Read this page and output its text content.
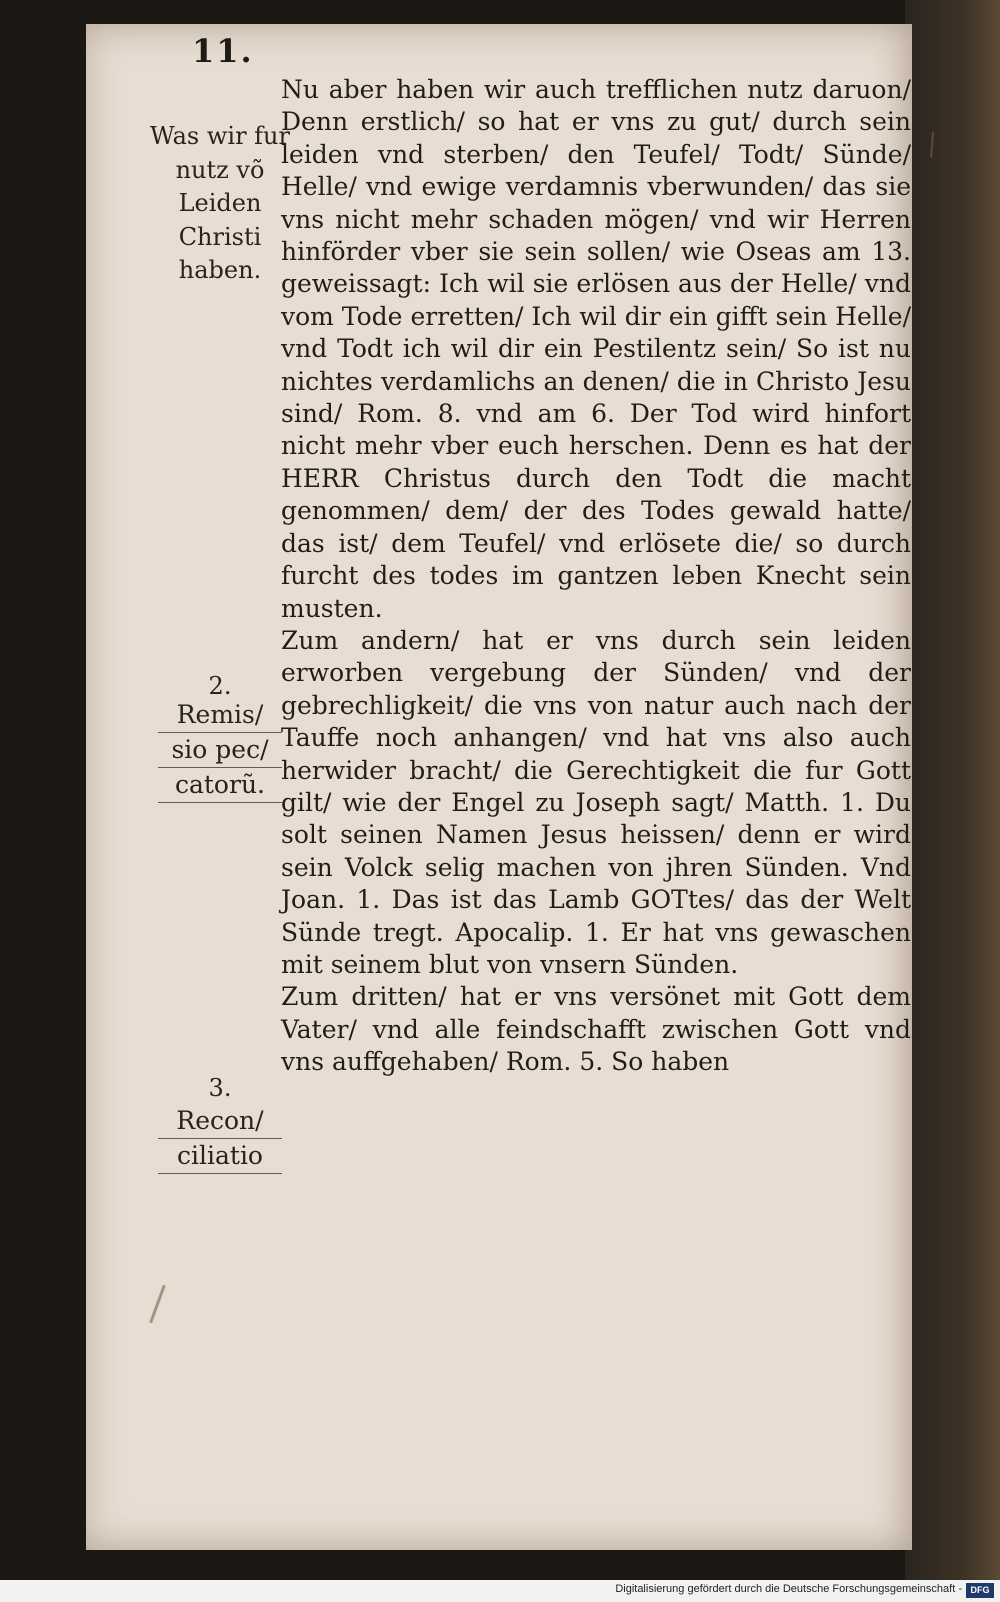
11.
Was wir fur nutz võ Leiden Christi haben.
2.
Remis/
sio pec/
catorũ.
3.
Recon/
ciliatio

Nu aber haben wir auch trefflichen nutz daruon/ Denn erstlich/ so hat er vns zu gut/ durch sein leiden vnd sterben/ den Teufel/ Todt/ Sünde/ Helle/ vnd ewige verdamnis vberwunden/ das sie vns nicht mehr schaden mögen/ vnd wir Herren hinförder vber sie sein sollen/ wie Oseas am 13. geweissagt: Ich wil sie erlösen aus der Helle/ vnd vom Tode erretten/ Ich wil dir ein gifft sein Helle/ vnd Todt ich wil dir ein Pestilentz sein/ So ist nu nichtes verdamlichs an denen/ die in Christo Jesu sind/ Rom. 8. vnd am 6. Der Tod wird hinfort nicht mehr vber euch herschen. Denn es hat der HERR Christus durch den Todt die macht genommen/ dem/ der des Todes gewald hatte/ das ist/ dem Teufel/ vnd erlösete die/ so durch furcht des todes im gantzen leben Knecht sein musten.

Zum andern/ hat er vns durch sein leiden erworben vergebung der Sünden/ vnd der gebrechligkeit/ die vns von natur auch nach der Tauffe noch anhangen/ vnd hat vns also auch herwider bracht/ die Gerechtigkeit die fur Gott gilt/ wie der Engel zu Joseph sagt/ Matth. 1. Du solt seinen Namen Jesus heissen/ denn er wird sein Volck selig machen von jhren Sünden. Vnd Joan. 1. Das ist das Lamb GOTtes/ das der Welt Sünde tregt. Apocalip. 1. Er hat vns gewaschen mit seinem blut von vnsern Sünden.

Zum dritten/ hat er vns versönet mit Gott dem Vater/ vnd alle feindschafft zwischen Gott vnd vns auffgehaben/ Rom. 5. So haben

Digitalisierung gefördert durch die Deutsche Forschungsgemeinschaft - DFG
